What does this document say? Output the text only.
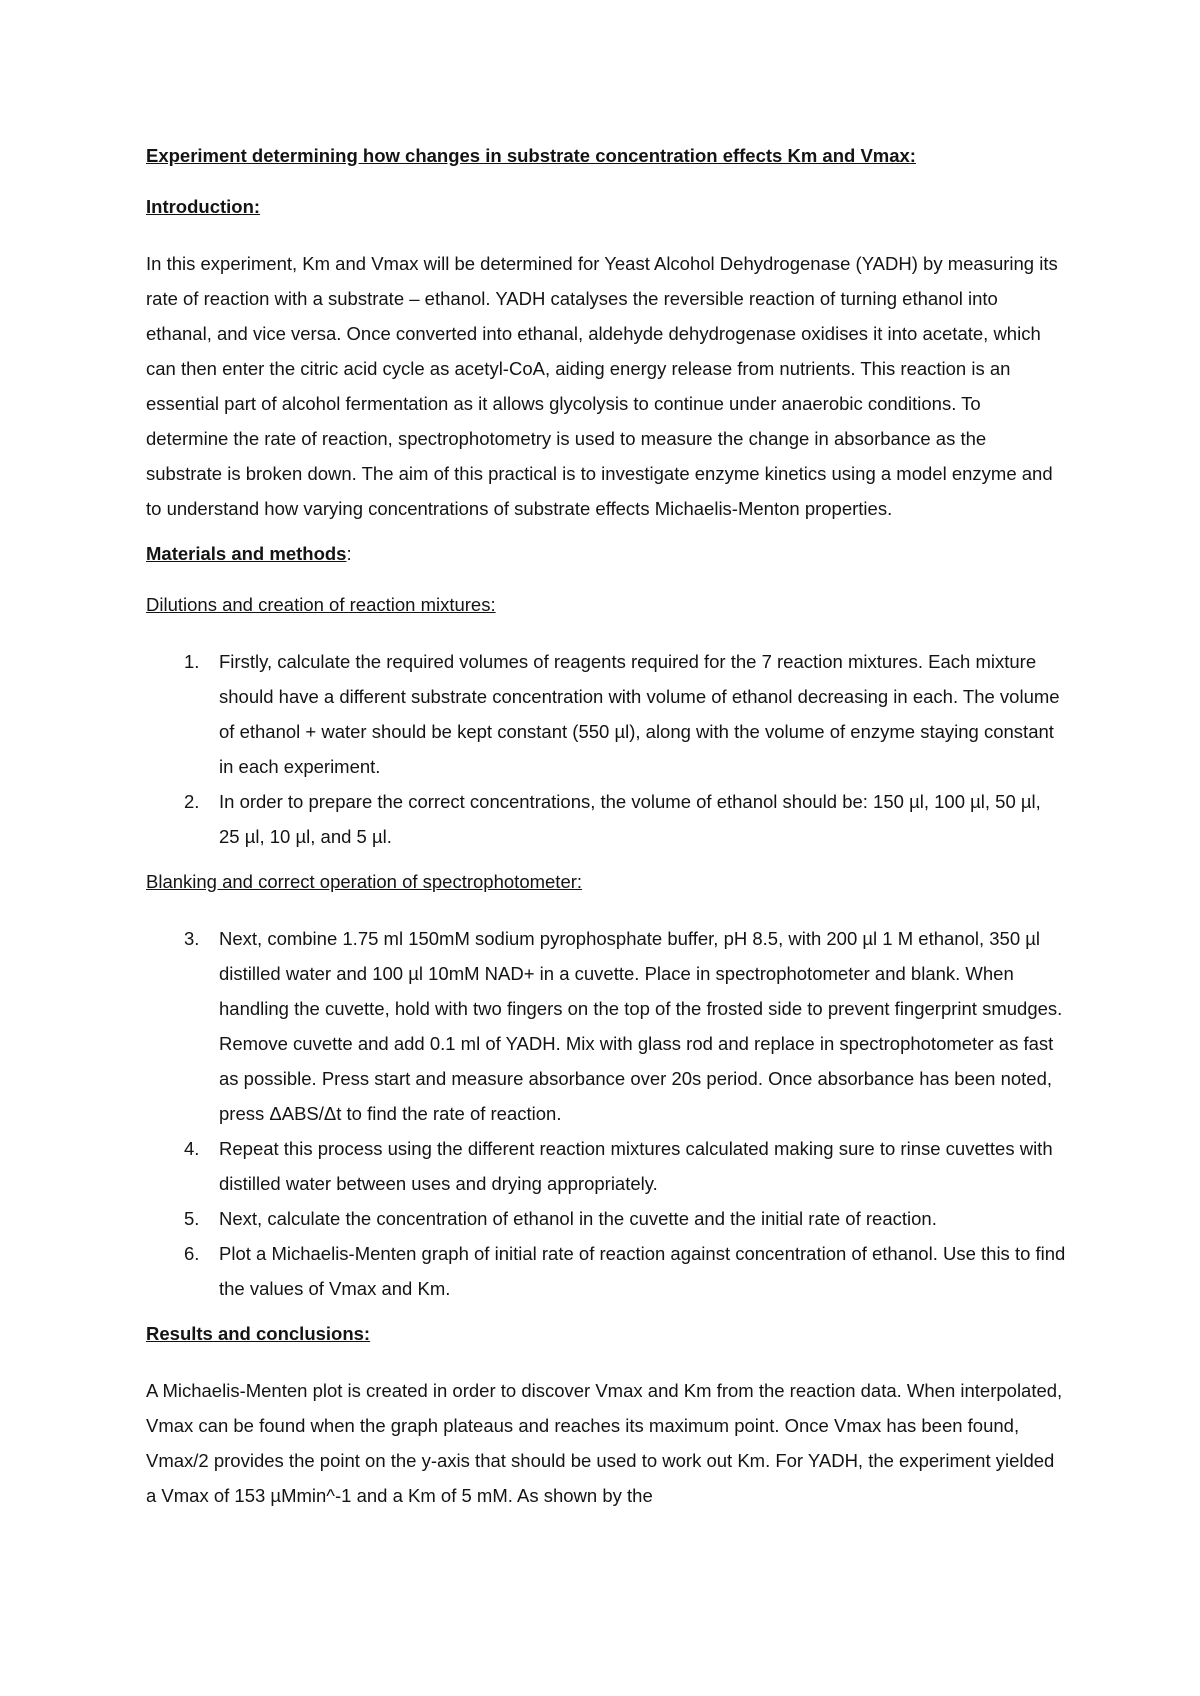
Experiment determining how changes in substrate concentration effects Km and Vmax:

Introduction:

In this experiment, Km and Vmax will be determined for Yeast Alcohol Dehydrogenase (YADH) by measuring its rate of reaction with a substrate – ethanol. YADH catalyses the reversible reaction of turning ethanol into ethanal, and vice versa. Once converted into ethanal, aldehyde dehydrogenase oxidises it into acetate, which can then enter the citric acid cycle as acetyl-CoA, aiding energy release from nutrients. This reaction is an essential part of alcohol fermentation as it allows glycolysis to continue under anaerobic conditions. To determine the rate of reaction, spectrophotometry is used to measure the change in absorbance as the substrate is broken down. The aim of this practical is to investigate enzyme kinetics using a model enzyme and to understand how varying concentrations of substrate effects Michaelis-Menton properties.

Materials and methods:

Dilutions and creation of reaction mixtures:

1. Firstly, calculate the required volumes of reagents required for the 7 reaction mixtures. Each mixture should have a different substrate concentration with volume of ethanol decreasing in each. The volume of ethanol + water should be kept constant (550 µl), along with the volume of enzyme staying constant in each experiment.
2. In order to prepare the correct concentrations, the volume of ethanol should be: 150 µl, 100 µl, 50 µl, 25 µl, 10 µl, and 5 µl.

Blanking and correct operation of spectrophotometer:

3. Next, combine 1.75 ml 150mM sodium pyrophosphate buffer, pH 8.5, with 200 µl 1 M ethanol, 350 µl distilled water and 100 µl 10mM NAD+ in a cuvette. Place in spectrophotometer and blank. When handling the cuvette, hold with two fingers on the top of the frosted side to prevent fingerprint smudges. Remove cuvette and add 0.1 ml of YADH. Mix with glass rod and replace in spectrophotometer as fast as possible. Press start and measure absorbance over 20s period. Once absorbance has been noted, press ΔABS/Δt to find the rate of reaction.
4. Repeat this process using the different reaction mixtures calculated making sure to rinse cuvettes with distilled water between uses and drying appropriately.
5. Next, calculate the concentration of ethanol in the cuvette and the initial rate of reaction.
6. Plot a Michaelis-Menten graph of initial rate of reaction against concentration of ethanol. Use this to find the values of Vmax and Km.

Results and conclusions:

A Michaelis-Menten plot is created in order to discover Vmax and Km from the reaction data. When interpolated, Vmax can be found when the graph plateaus and reaches its maximum point. Once Vmax has been found, Vmax/2 provides the point on the y-axis that should be used to work out Km. For YADH, the experiment yielded a Vmax of 153 µMmin^-1 and a Km of 5 mM. As shown by the
